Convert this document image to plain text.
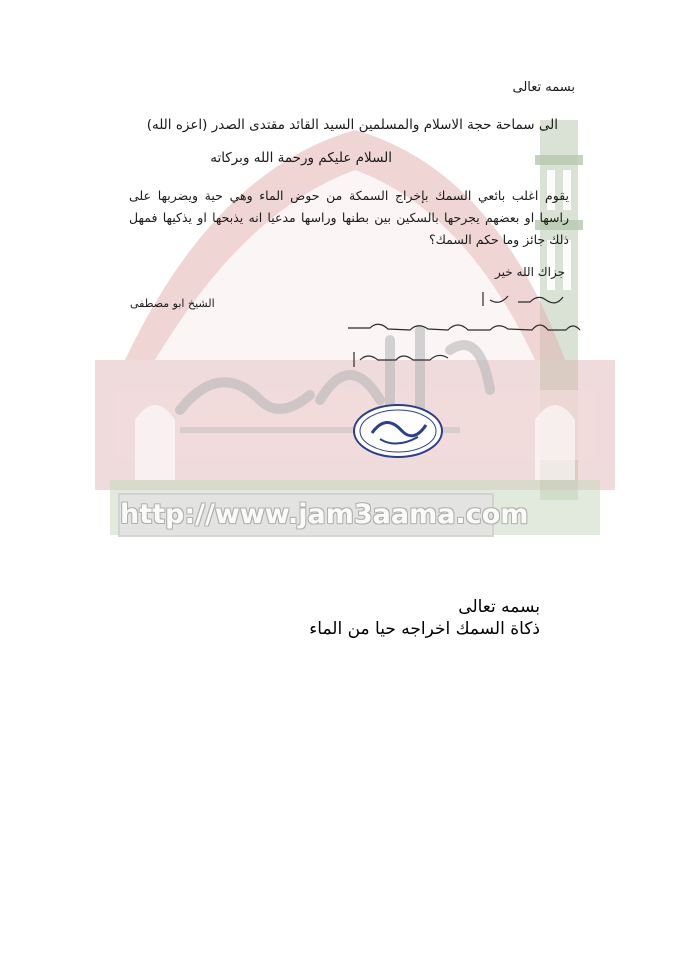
http://www.jam3aama.com
بسمه تعالى
الى سماحة حجة الاسلام والمسلمين السيد القائد مقتدى الصدر (اعزه الله)
السلام عليكم ورحمة الله وبركاته
يقوم اغلب بائعي السمك بإخراج السمكة من حوض الماء وهي حية ويضربها على راسها او بعضهم يجرحها بالسكين بين بطنها وراسها مدعيا انه يذبحها او يذكيها فمهل ذلك جائز وما حكم السمك؟
جزاك الله خير
الشيخ ابو مصطفى
بسمه تعالى
ذكاة السمك اخراجه حيا من الماء
